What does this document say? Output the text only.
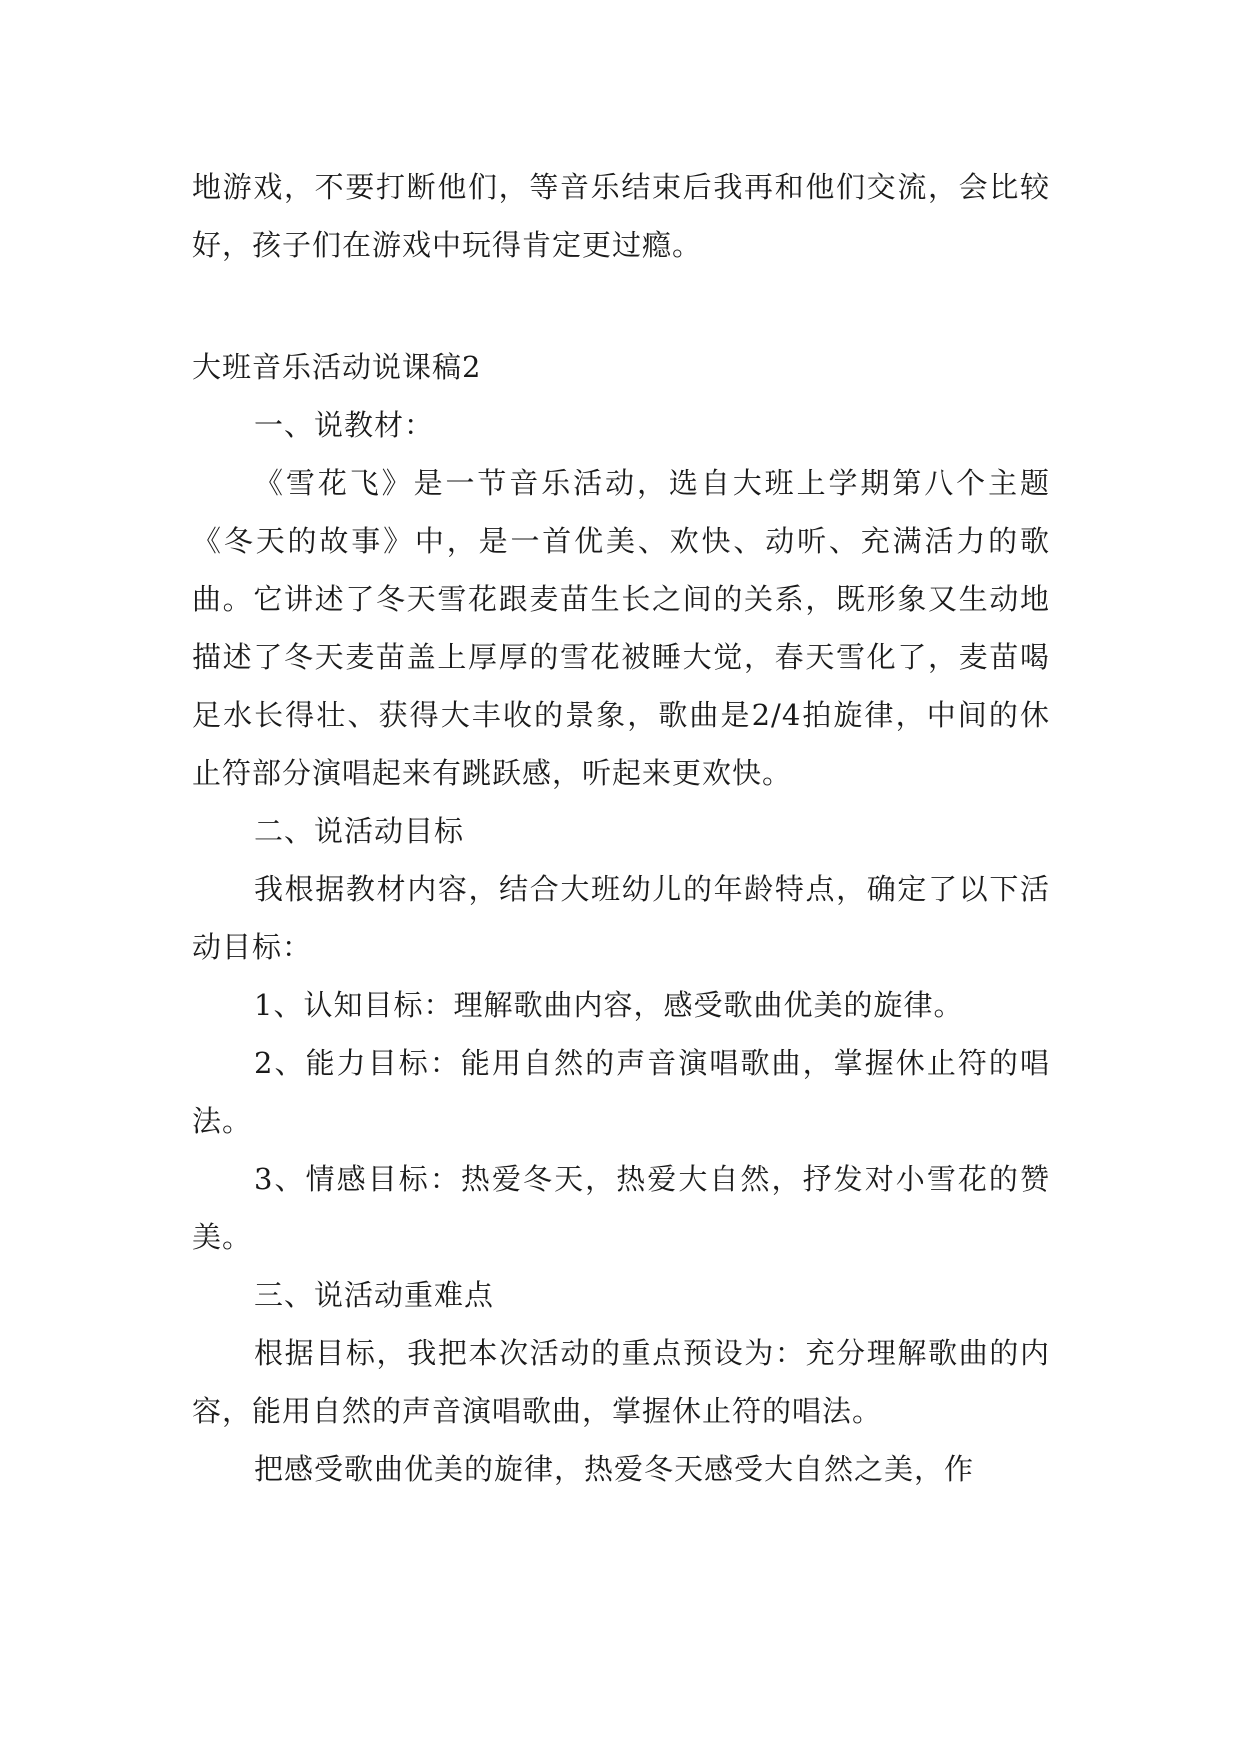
地游戏，不要打断他们，等音乐结束后我再和他们交流，会比较好，孩子们在游戏中玩得肯定更过瘾。

大班音乐活动说课稿2

一、说教材：

《雪花飞》是一节音乐活动，选自大班上学期第八个主题《冬天的故事》中，是一首优美、欢快、动听、充满活力的歌曲。它讲述了冬天雪花跟麦苗生长之间的关系，既形象又生动地描述了冬天麦苗盖上厚厚的雪花被睡大觉，春天雪化了，麦苗喝足水长得壮、获得大丰收的景象，歌曲是2/4拍旋律，中间的休止符部分演唱起来有跳跃感，听起来更欢快。

二、说活动目标

我根据教材内容，结合大班幼儿的年龄特点，确定了以下活动目标：

1、认知目标：理解歌曲内容，感受歌曲优美的旋律。

2、能力目标：能用自然的声音演唱歌曲，掌握休止符的唱法。

3、情感目标：热爱冬天，热爱大自然，抒发对小雪花的赞美。

三、说活动重难点

根据目标，我把本次活动的重点预设为：充分理解歌曲的内容，能用自然的声音演唱歌曲，掌握休止符的唱法。

把感受歌曲优美的旋律，热爱冬天感受大自然之美，作
